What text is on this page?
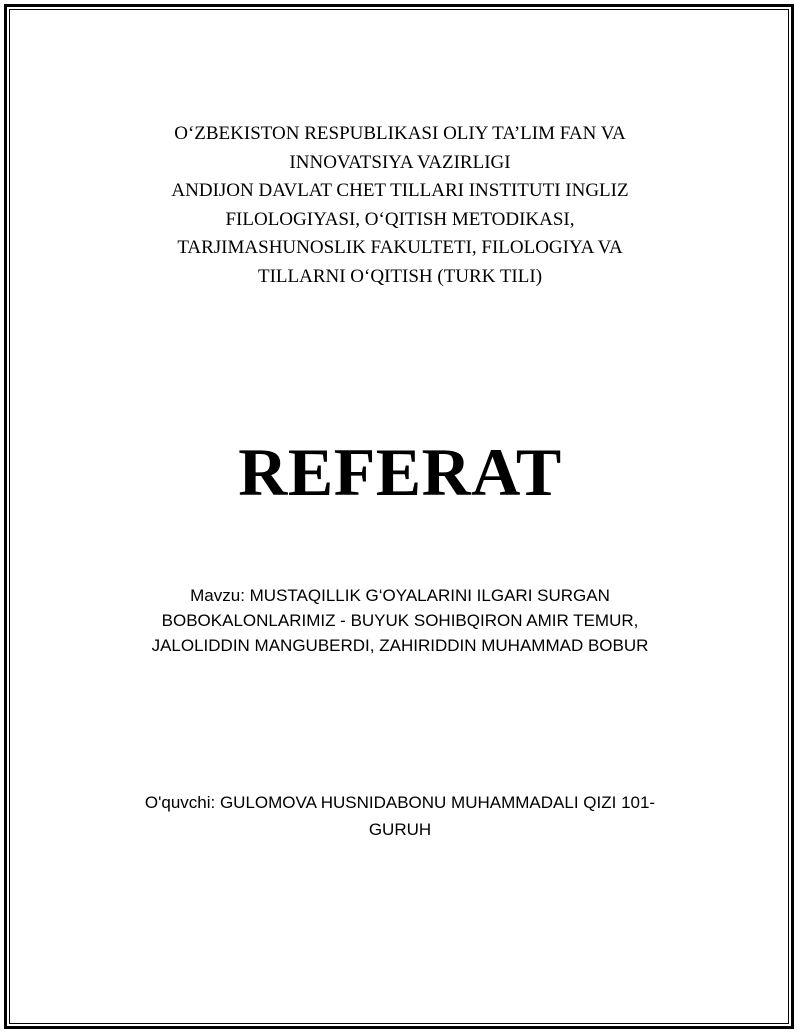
O‘ZBEKISTON RESPUBLIKASI OLIY TA’LIM FAN VA
INNOVATSIYA VAZIRLIGI
ANDIJON DAVLAT CHET TILLARI INSTITUTI INGLIZ
FILOLOGIYASI, O‘QITISH METODIKASI,
TARJIMASHUNOSLIK FAKULTETI, FILOLOGIYA VA
TILLARNI O‘QITISH (TURK TILI)
REFERAT
Mavzu: MUSTAQILLIK G‘OYALARINI ILGARI SURGAN
BOBOKALONLARIMIZ - BUYUK SOHIBQIRON AMIR TEMUR,
JALOLIDDIN MANGUBERDI, ZAHIRIDDIN MUHAMMAD BOBUR
O'quvchi: GULOMOVA HUSNIDABONU MUHAMMADALI QIZI 101-
GURUH
